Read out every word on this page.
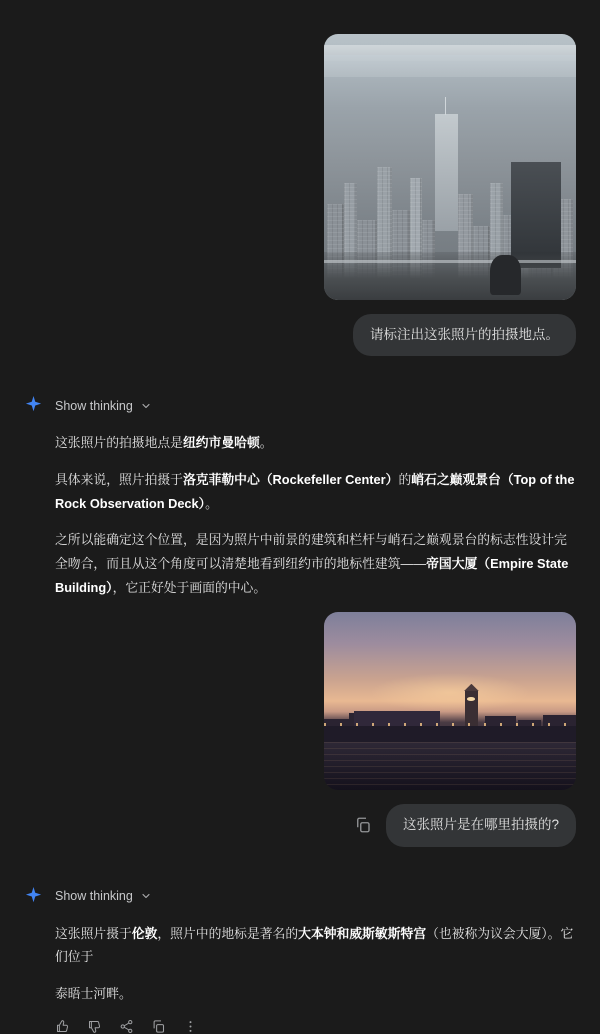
请标注出这张照片的拍摄地点。
Show thinking

这张照片的拍摄地点是纽约市曼哈顿。

具体来说，照片拍摄于洛克菲勒中心（Rockefeller Center）的峭石之巅观景台（Top of the Rock Observation Deck）。

之所以能确定这个位置，是因为照片中前景的建筑和栏杆与峭石之巅观景台的标志性设计完全吻合，而且从这个角度可以清楚地看到纽约市的地标性建筑——帝国大厦（Empire State Building），它正好处于画面的中心。

这张照片是在哪里拍摄的?
Show thinking

这张照片摄于伦敦，照片中的地标是著名的大本钟和威斯敏斯特宫（也被称为议会大厦）。它们位于

泰晤士河畔。
